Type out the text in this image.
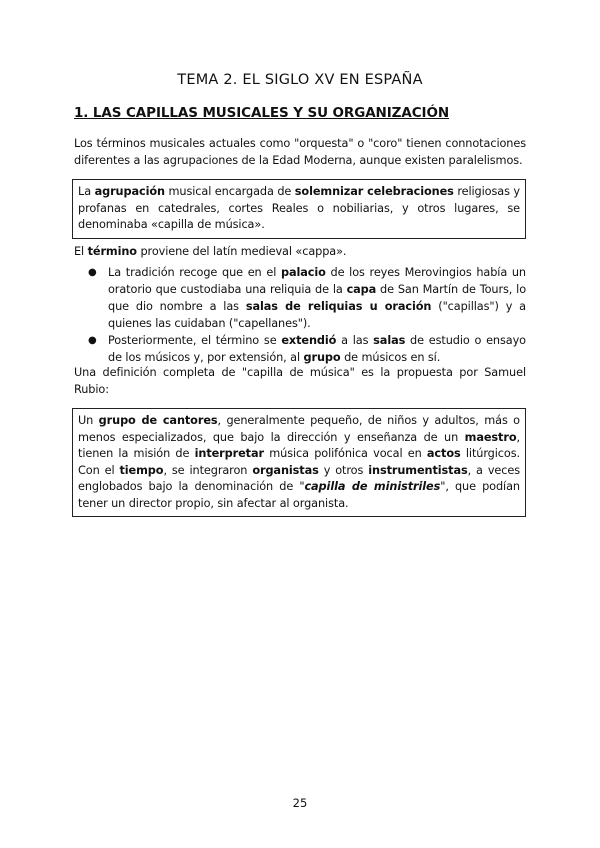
TEMA 2. EL SIGLO XV EN ESPAÑA
1. LAS CAPILLAS MUSICALES Y SU ORGANIZACIÓN
Los términos musicales actuales como "orquesta" o "coro" tienen connotaciones diferentes a las agrupaciones de la Edad Moderna, aunque existen paralelismos.
La agrupación musical encargada de solemnizar celebraciones religiosas y profanas en catedrales, cortes Reales o nobiliarias, y otros lugares, se denominaba «capilla de música».
El término proviene del latín medieval «cappa».
● La tradición recoge que en el palacio de los reyes Merovingios había un oratorio que custodiaba una reliquia de la capa de San Martín de Tours, lo que dio nombre a las salas de reliquias u oración ("capillas") y a quienes las cuidaban ("capellanes").
● Posteriormente, el término se extendió a las salas de estudio o ensayo de los músicos y, por extensión, al grupo de músicos en sí.
Una definición completa de "capilla de música" es la propuesta por Samuel Rubio:
Un grupo de cantores, generalmente pequeño, de niños y adultos, más o menos especializados, que bajo la dirección y enseñanza de un maestro, tienen la misión de interpretar música polifónica vocal en actos litúrgicos. Con el tiempo, se integraron organistas y otros instrumentistas, a veces englobados bajo la denominación de "capilla de ministriles", que podían tener un director propio, sin afectar al organista.
25
